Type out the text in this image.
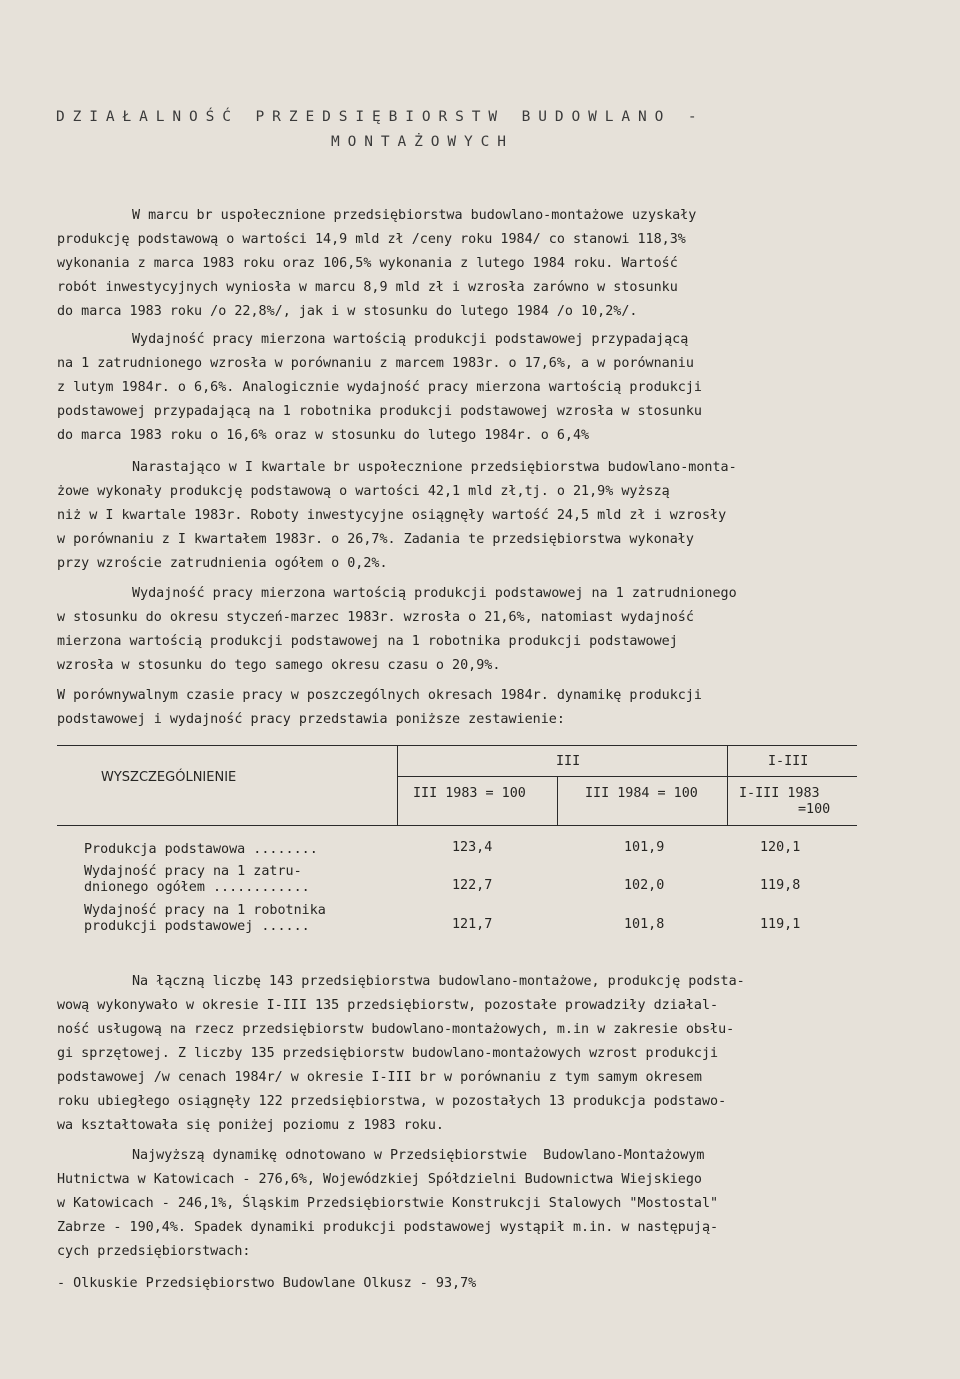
DZIAŁALNOŚĆ PRZEDSIĘBIORSTW BUDOWLANO -
MONTAŻOWYCH
W marcu br uspołecznione przedsiębiorstwa budowlano-montażowe uzyskały
produkcję podstawową o wartości 14,9 mld zł /ceny roku 1984/ co stanowi 118,3%
wykonania z marca 1983 roku oraz 106,5% wykonania z lutego 1984 roku. Wartość
robót inwestycyjnych wyniosła w marcu 8,9 mld zł i wzrosła zarówno w stosunku
do marca 1983 roku /o 22,8%/, jak i w stosunku do lutego 1984 /o 10,2%/.
Wydajność pracy mierzona wartością produkcji podstawowej przypadającą
na 1 zatrudnionego wzrosła w porównaniu z marcem 1983r. o 17,6%, a w porównaniu
z lutym 1984r. o 6,6%. Analogicznie wydajność pracy mierzona wartością produkcji
podstawowej przypadającą na 1 robotnika produkcji podstawowej wzrosła w stosunku
do marca 1983 roku o 16,6% oraz w stosunku do lutego 1984r. o 6,4%
Narastająco w I kwartale br uspołecznione przedsiębiorstwa budowlano-monta-
żowe wykonały produkcję podstawową o wartości 42,1 mld zł,tj. o 21,9% wyższą
niż w I kwartale 1983r. Roboty inwestycyjne osiągnęły wartość 24,5 mld zł i wzrosły
w porównaniu z I kwartałem 1983r. o 26,7%. Zadania te przedsiębiorstwa wykonały
przy wzroście zatrudnienia ogółem o 0,2%.
Wydajność pracy mierzona wartością produkcji podstawowej na 1 zatrudnionego
w stosunku do okresu styczeń-marzec 1983r. wzrosła o 21,6%, natomiast wydajność
mierzona wartością produkcji podstawowej na 1 robotnika produkcji podstawowej
wzrosła w stosunku do tego samego okresu czasu o 20,9%.
W porównywalnym czasie pracy w poszczególnych okresach 1984r. dynamikę produkcji
podstawowej i wydajność pracy przedstawia poniższe zestawienie:
WYSZCZEGÓLNIENIE
III	I-III
III 1983 = 100	III 1984 = 100	I-III 1983
=100
Produkcja podstawowa ........	123,4	101,9	120,1
Wydajność pracy na 1 zatru-
dnionego ogółem ............	122,7	102,0	119,8
Wydajność pracy na 1 robotnika
produkcji podstawowej ......	121,7	101,8	119,1
Na łączną liczbę 143 przedsiębiorstwa budowlano-montażowe, produkcję podsta-
wową wykonywało w okresie I-III 135 przedsiębiorstw, pozostałe prowadziły działal-
ność usługową na rzecz przedsiębiorstw budowlano-montażowych, m.in w zakresie obsłu-
gi sprzętowej. Z liczby 135 przedsiębiorstw budowlano-montażowych wzrost produkcji
podstawowej /w cenach 1984r/ w okresie I-III br w porównaniu z tym samym okresem
roku ubiegłego osiągnęły 122 przedsiębiorstwa, w pozostałych 13 produkcja podstawo-
wa kształtowała się poniżej poziomu z 1983 roku.
Najwyższą dynamikę odnotowano w Przedsiębiorstwie  Budowlano-Montażowym
Hutnictwa w Katowicach - 276,6%, Wojewódzkiej Spółdzielni Budownictwa Wiejskiego
w Katowicach - 246,1%, Śląskim Przedsiębiorstwie Konstrukcji Stalowych "Mostostal"
Zabrze - 190,4%. Spadek dynamiki produkcji podstawowej wystąpił m.in. w następują-
cych przedsiębiorstwach:
- Olkuskie Przedsiębiorstwo Budowlane Olkusz - 93,7%
